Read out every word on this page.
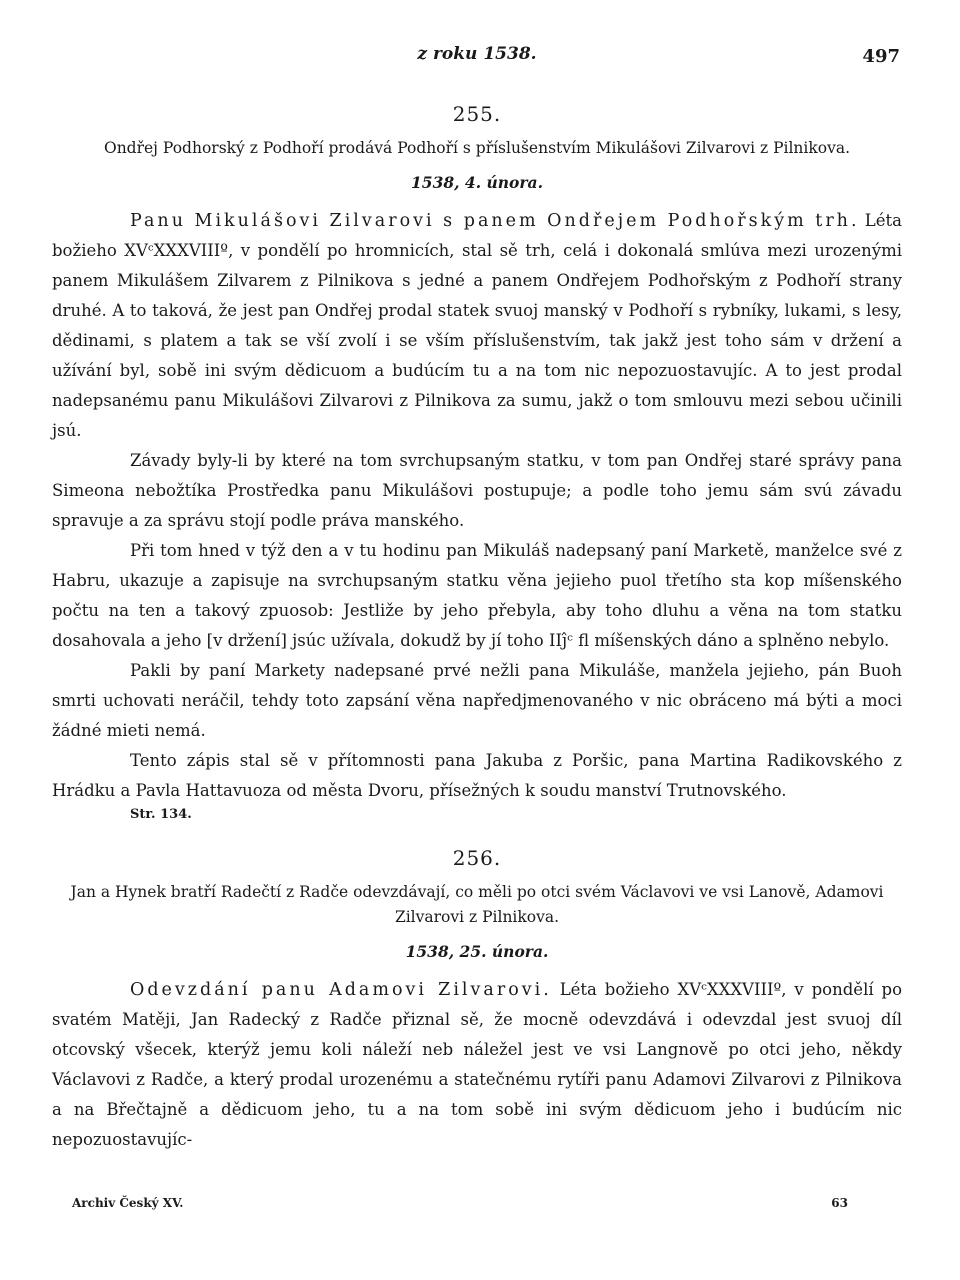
z roku 1538.	497
255.
Ondřej Podhorský z Podhoří prodává Podhoří s příslušenstvím Mikulášovi Zilvarovi z Pilnikova.
1538, 4. února.

Panu Mikulášovi Zilvarovi s panem Ondřejem Podhořským trh. Léta božieho XVᶜXXXVIIIº, v pondělí po hromnicích, stal sě trh, celá i dokonalá smlúva mezi urozenými panem Mikulášem Zilvarem z Pilnikova s jedné a panem Ondřejem Podhořským z Podhoří strany druhé. A to taková, že jest pan Ondřej prodal statek svuoj manský v Podhoří s rybníky, lukami, s lesy, dědinami, s platem a tak se vší zvolí i se vším příslušenstvím, tak jakž jest toho sám v držení a užívání byl, sobě ini svým dědicuom a budúcím tu a na tom nic nepozuostavujíc. A to jest prodal nadepsanému panu Mikulášovi Zilvarovi z Pilnikova za sumu, jakž o tom smlouvu mezi sebou učinili jsú.

Závady byly-li by které na tom svrchupsaným statku, v tom pan Ondřej staré správy pana Simeona nebožtíka Prostředka panu Mikulášovi postupuje; a podle toho jemu sám svú závadu spravuje a za správu stojí podle práva manského.

Při tom hned v týž den a v tu hodinu pan Mikuláš nadepsaný paní Marketě, manželce své z Habru, ukazuje a zapisuje na svrchupsaným statku věna jejieho puol třetího sta kop míšenského počtu na ten a takový zpuosob: Jestliže by jeho přebyla, aby toho dluhu a věna na tom statku dosahovala a jeho [v držení] jsúc užívala, dokudž by jí toho IIĵᶜ fl míšenských dáno a splněno nebylo.

Pakli by paní Markety nadepsané prvé nežli pana Mikuláše, manžela jejieho, pán Buoh smrti uchovati neráčil, tehdy toto zapsání věna napředjmenovaného v nic obráceno má býti a moci žádné mieti nemá.

Tento zápis stal sě v přítomnosti pana Jakuba z Poršic, pana Martina Radikovského z Hrádku a Pavla Hattavuoza od města Dvoru, přísežných k soudu manství Trutnovského.

Str. 134.
256.
Jan a Hynek bratří Radečtí z Radče odevzdávají, co měli po otci svém Václavovi ve vsi Lanově, Adamovi Zilvarovi z Pilnikova.
1538, 25. února.

Odevzdání panu Adamovi Zilvarovi. Léta božieho XVᶜXXXVIIIº, v pondělí po svatém Matěji, Jan Radecký z Radče přiznal sě, že mocně odevzdává i odevzdal jest svuoj díl otcovský všecek, kterýž jemu koli náleží neb náležel jest ve vsi Langnově po otci jeho, někdy Václavovi z Radče, a který prodal urozenému a statečnému rytíři panu Adamovi Zilvarovi z Pilnikova a na Břečtajně a dědicuom jeho, tu a na tom sobě ini svým dědicuom jeho i budúcím nic nepozuostavujíc-

Archiv Český XV.	63
